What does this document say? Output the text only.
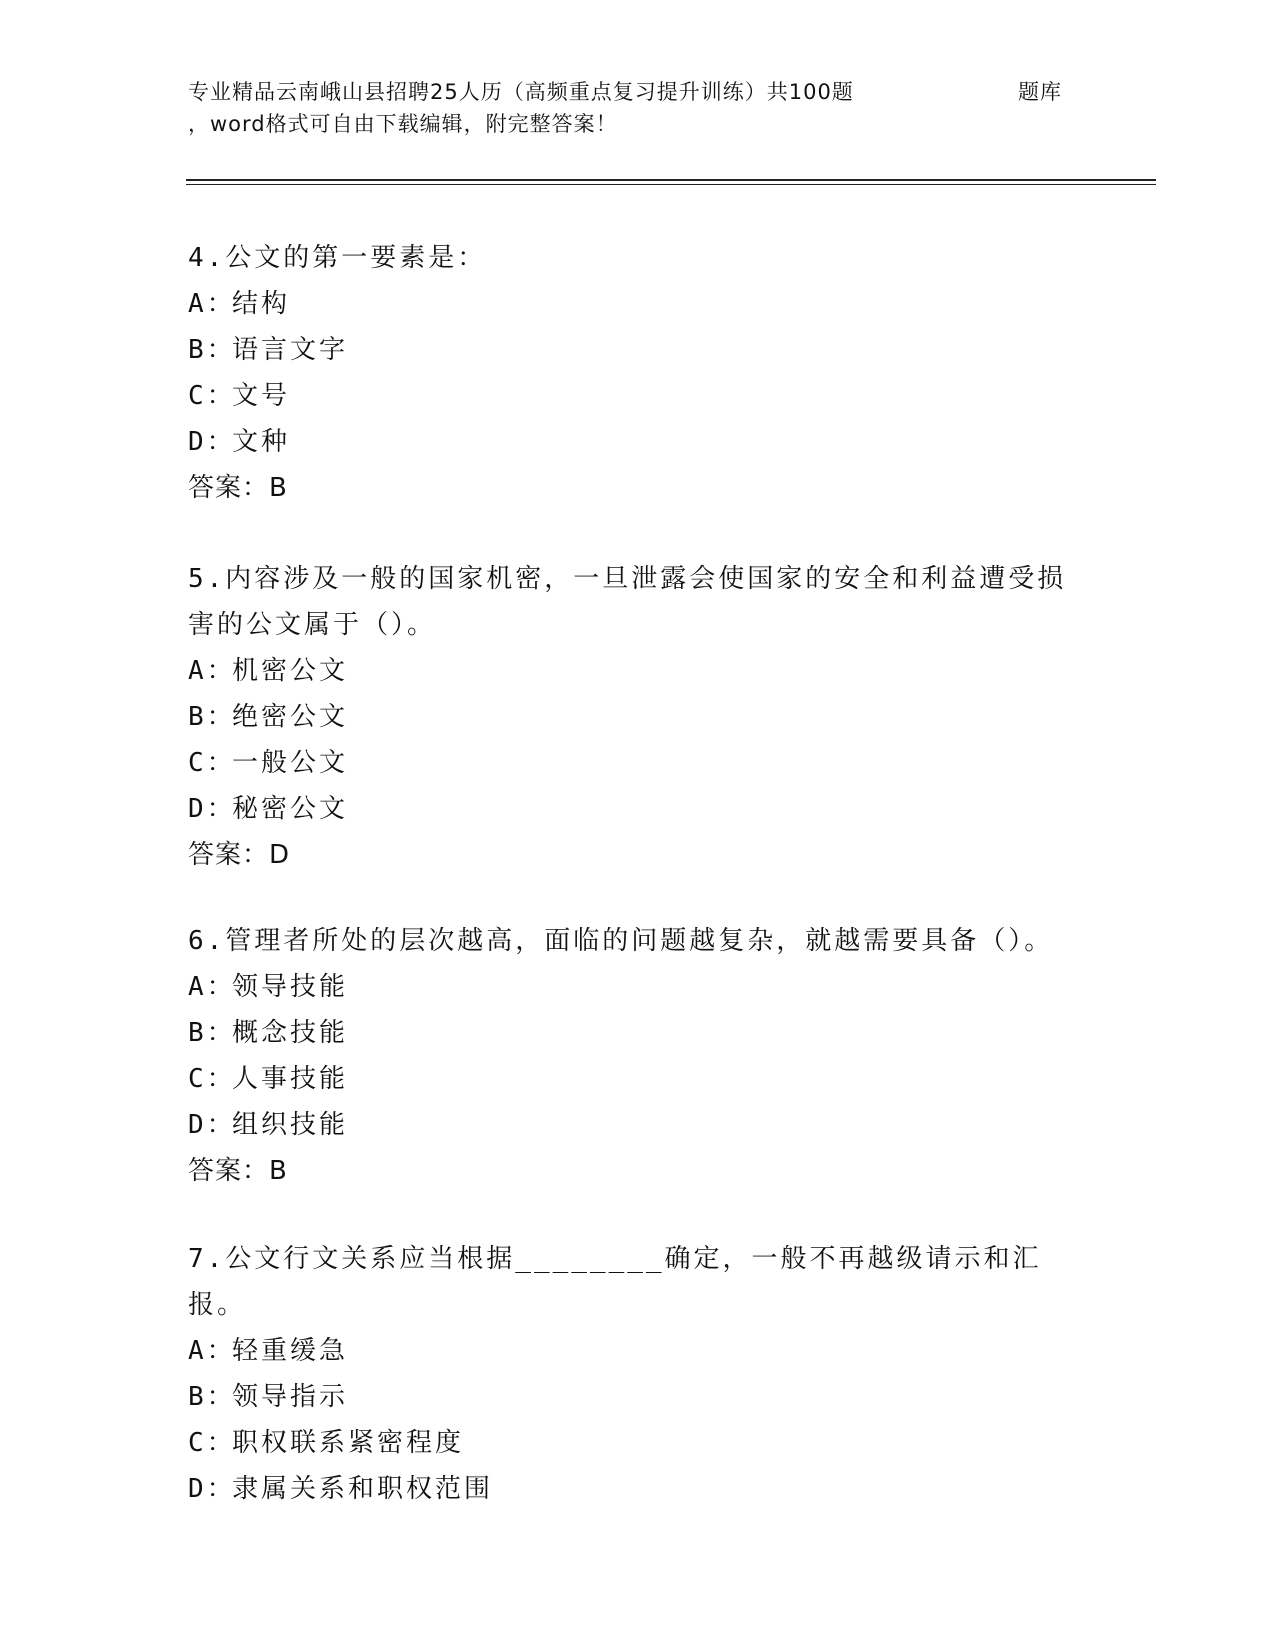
专业精品云南峨山县招聘25人历（高频重点复习提升训练）共100题
，word格式可自由下载编辑，附完整答案！
题库
4.公文的第一要素是：
A：结构
B：语言文字
C：文号
D：文种
答案：B
5.内容涉及一般的国家机密，一旦泄露会使国家的安全和利益遭受损害的公文属于（）。
A：机密公文
B：绝密公文
C：一般公文
D：秘密公文
答案：D
6.管理者所处的层次越高，面临的问题越复杂，就越需要具备（）。
A：领导技能
B：概念技能
C：人事技能
D：组织技能
答案：B
7.公文行文关系应当根据________确定，一般不再越级请示和汇报。
A：轻重缓急
B：领导指示
C：职权联系紧密程度
D：隶属关系和职权范围
